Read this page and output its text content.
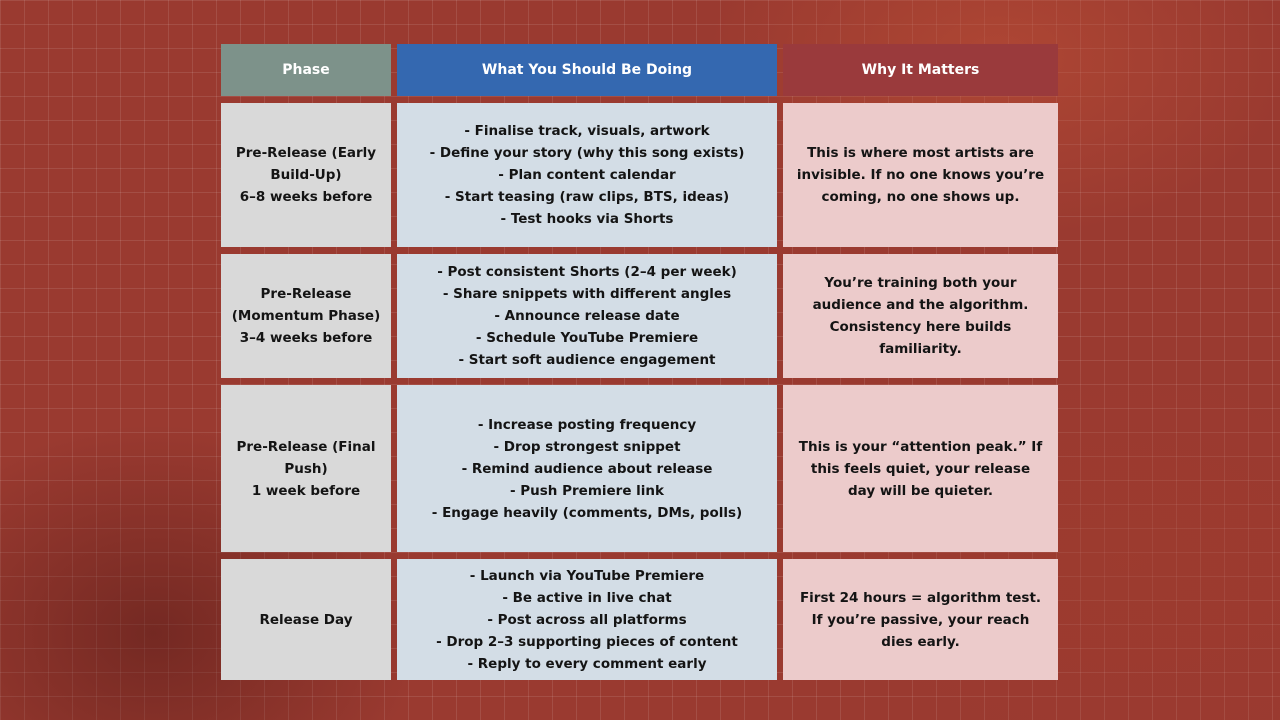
Phase	What You Should Be Doing	Why It Matters
Pre-Release (Early
Build-Up)
6–8 weeks before
- Finalise track, visuals, artwork
- Define your story (why this song exists)
- Plan content calendar
- Start teasing (raw clips, BTS, ideas)
- Test hooks via Shorts
This is where most artists are invisible. If no one knows you’re coming, no one shows up.
Pre-Release
(Momentum Phase)
3–4 weeks before
- Post consistent Shorts (2–4 per week)
- Share snippets with different angles
- Announce release date
- Schedule YouTube Premiere
- Start soft audience engagement
You’re training both your audience and the algorithm. Consistency here builds familiarity.
Pre-Release (Final
Push)
1 week before
- Increase posting frequency
- Drop strongest snippet
- Remind audience about release
- Push Premiere link
- Engage heavily (comments, DMs, polls)
This is your “attention peak.” If this feels quiet, your release day will be quieter.
Release Day
- Launch via YouTube Premiere
- Be active in live chat
- Post across all platforms
- Drop 2–3 supporting pieces of content
- Reply to every comment early
First 24 hours = algorithm test. If you’re passive, your reach dies early.
